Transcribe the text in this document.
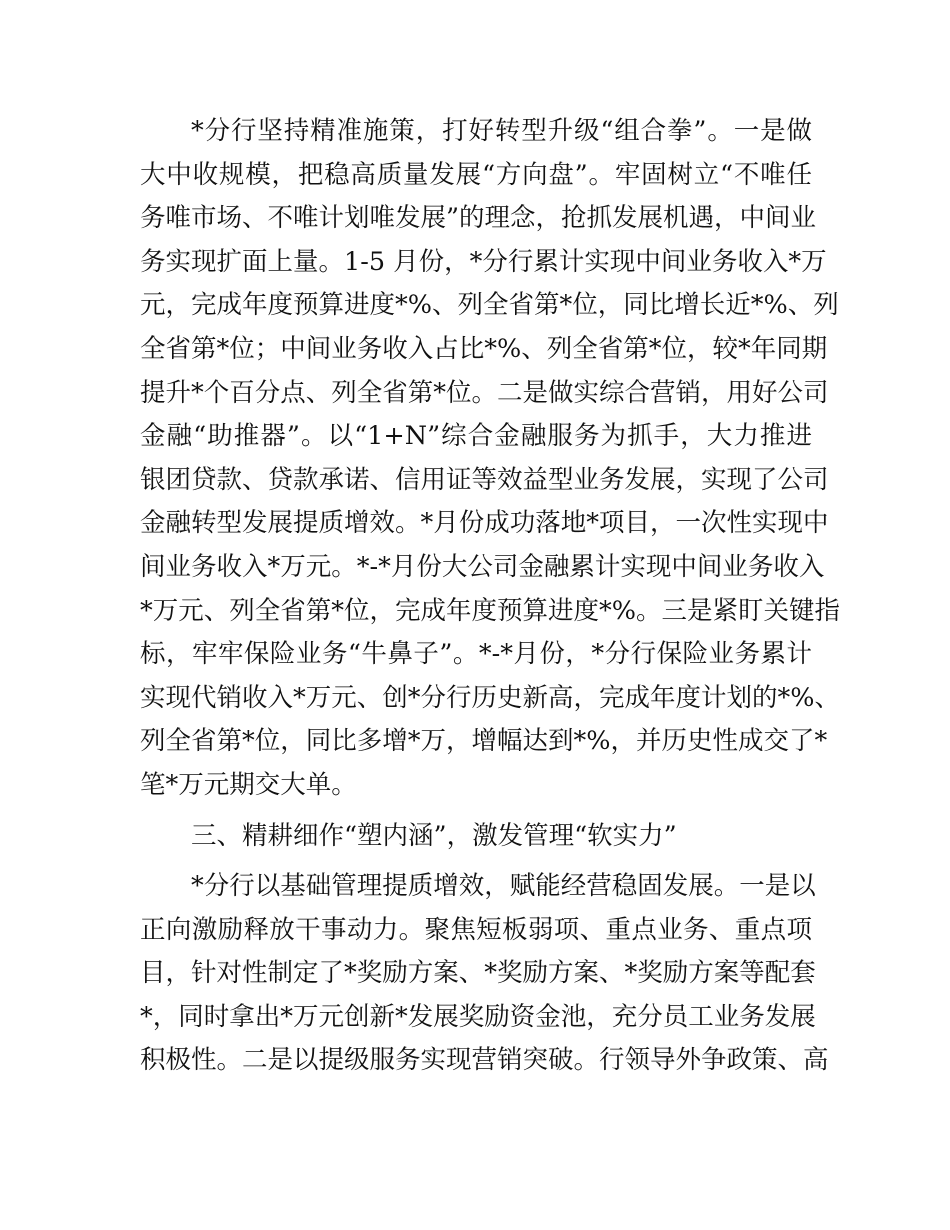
*分行坚持精准施策，打好转型升级“组合拳”。一是做
大中收规模，把稳高质量发展“方向盘”。牢固树立“不唯任
务唯市场、不唯计划唯发展”的理念，抢抓发展机遇，中间业
务实现扩面上量。1-5 月份，*分行累计实现中间业务收入*万
元，完成年度预算进度*%、列全省第*位，同比增长近*%、列
全省第*位；中间业务收入占比*%、列全省第*位，较*年同期
提升*个百分点、列全省第*位。二是做实综合营销，用好公司
金融“助推器”。以“1+N”综合金融服务为抓手，大力推进
银团贷款、贷款承诺、信用证等效益型业务发展，实现了公司
金融转型发展提质增效。*月份成功落地*项目，一次性实现中
间业务收入*万元。*-*月份大公司金融累计实现中间业务收入
*万元、列全省第*位，完成年度预算进度*%。三是紧盯关键指
标，牢牢保险业务“牛鼻子”。*-*月份，*分行保险业务累计
实现代销收入*万元、创*分行历史新高，完成年度计划的*%、
列全省第*位，同比多增*万，增幅达到*%，并历史性成交了*
笔*万元期交大单。
三、精耕细作“塑内涵”，激发管理“软实力”
*分行以基础管理提质增效，赋能经营稳固发展。一是以
正向激励释放干事动力。聚焦短板弱项、重点业务、重点项
目，针对性制定了*奖励方案、*奖励方案、*奖励方案等配套
*，同时拿出*万元创新*发展奖励资金池，充分员工业务发展
积极性。二是以提级服务实现营销突破。行领导外争政策、高
